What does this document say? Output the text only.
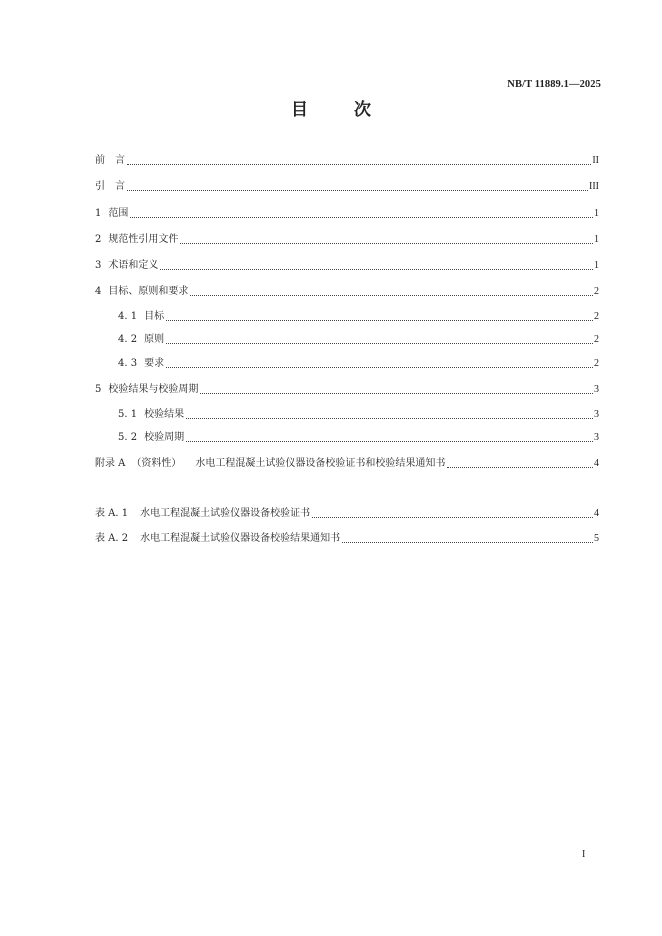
NB/T 11889.1—2025
目 次
前　言	II
引　言	III
1 范围	1
2 规范性引用文件	1
3 术语和定义	1
4 目标、原则和要求	2
4. 1 目标	2
4. 2 原则	2
4. 3 要求	2
5 校验结果与校验周期	3
5. 1 校验结果	3
5. 2 校验周期	3
附录 A （资料性） 水电工程混凝土试验仪器设备校验证书和校验结果通知书	4
表 A. 1 水电工程混凝土试验仪器设备校验证书	4
表 A. 2 水电工程混凝土试验仪器设备校验结果通知书	5
I
